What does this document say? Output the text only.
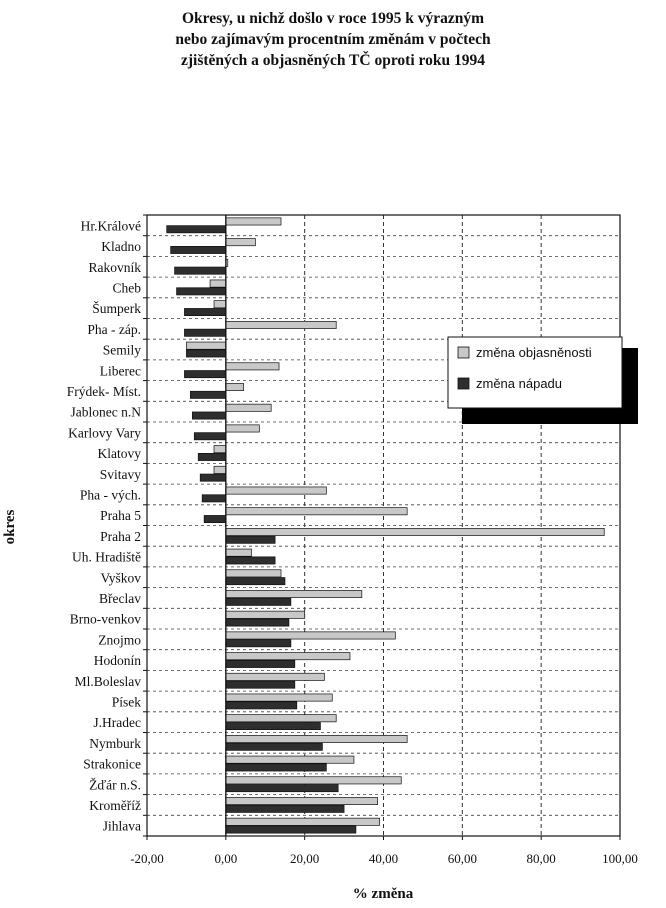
Okresy, u nichž došlo v roce 1995 k výrazným
nebo zajímavým procentním změnám v počtech
zjištěných a objasněných TČ oproti roku 1994
Hr.Králové
Kladno
Rakovník
Cheb
Šumperk
Pha - záp.
Semily
Liberec
Frýdek- Míst.
Jablonec n.N
Karlovy Vary
Klatovy
Svitavy
Pha - vých.
Praha 5
Praha 2
Uh. Hradiště
Vyškov
Břeclav
Brno-venkov
Znojmo
Hodonín
Ml.Boleslav
Písek
J.Hradec
Nymburk
Strakonice
Žďár n.S.
Kroměříž
Jihlava
-20,00	0,00	20,00	40,00	60,00	80,00	100,00
% změna
okres
změna objasněnosti
změna nápadu
